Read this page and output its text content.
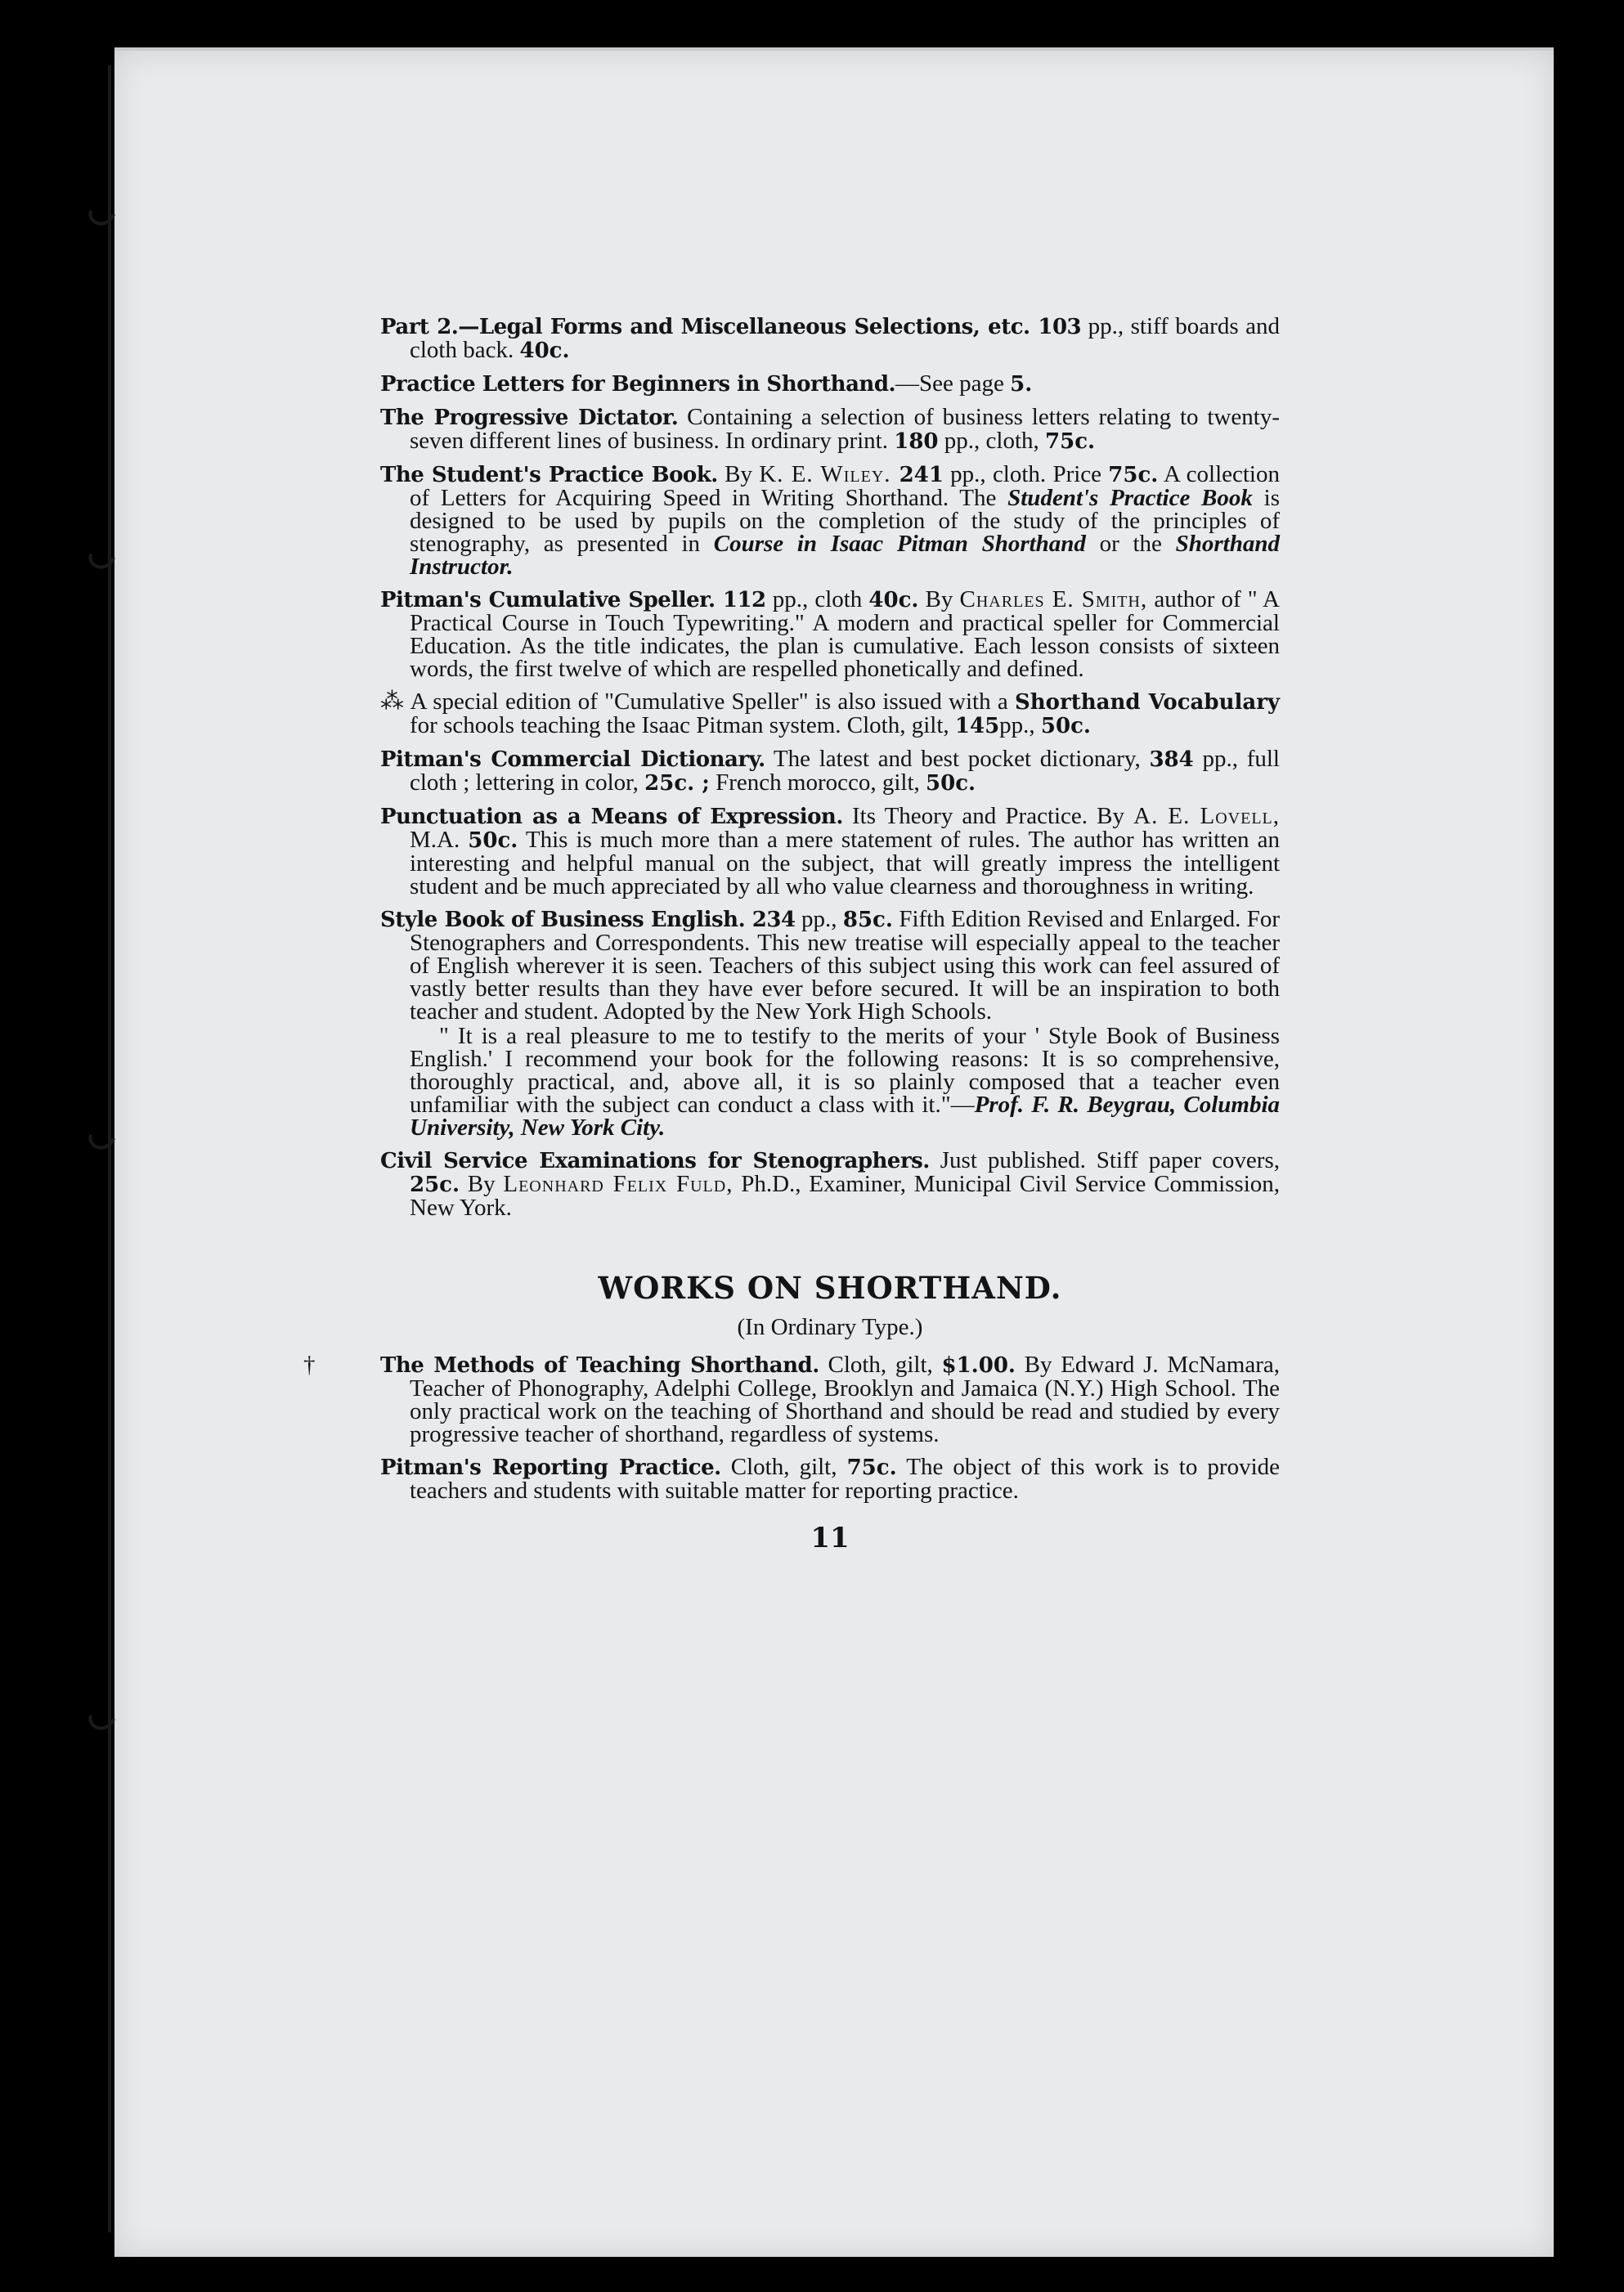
Part 2.—Legal Forms and Miscellaneous Selections, etc. 103 pp., stiff boards and cloth back. 40c.

Practice Letters for Beginners in Shorthand.—See page 5.

The Progressive Dictator. Containing a selection of business letters relating to twenty-seven different lines of business. In ordinary print. 180 pp., cloth, 75c.

The Student's Practice Book. By K. E. Wiley. 241 pp., cloth. Price 75c. A collection of Letters for Acquiring Speed in Writing Shorthand. The Student's Practice Book is designed to be used by pupils on the completion of the study of the principles of stenography, as presented in Course in Isaac Pitman Shorthand or the Shorthand Instructor.

Pitman's Cumulative Speller. 112 pp., cloth 40c. By Charles E. Smith, author of " A Practical Course in Touch Typewriting." A modern and practical speller for Commercial Education. As the title indicates, the plan is cumulative. Each lesson consists of sixteen words, the first twelve of which are respelled phonetically and defined.

⁂ A special edition of "Cumulative Speller" is also issued with a Shorthand Vocabulary for schools teaching the Isaac Pitman system. Cloth, gilt, 145pp., 50c.

Pitman's Commercial Dictionary. The latest and best pocket dictionary, 384 pp., full cloth ; lettering in color, 25c. ; French morocco, gilt, 50c.

Punctuation as a Means of Expression. Its Theory and Practice. By A. E. Lovell, M.A. 50c. This is much more than a mere statement of rules. The author has written an interesting and helpful manual on the subject, that will greatly impress the intelligent student and be much appreciated by all who value clearness and thoroughness in writing.

Style Book of Business English. 234 pp., 85c. Fifth Edition Revised and Enlarged. For Stenographers and Correspondents. This new treatise will especially appeal to the teacher of English wherever it is seen. Teachers of this subject using this work can feel assured of vastly better results than they have ever before secured. It will be an inspiration to both teacher and student. Adopted by the New York High Schools.

" It is a real pleasure to me to testify to the merits of your ' Style Book of Business English.' I recommend your book for the following reasons: It is so comprehensive, thoroughly practical, and, above all, it is so plainly composed that a teacher even unfamiliar with the subject can conduct a class with it."—Prof. F. R. Beygrau, Columbia University, New York City.

Civil Service Examinations for Stenographers. Just published. Stiff paper covers, 25c. By Leonhard Felix Fuld, Ph.D., Examiner, Municipal Civil Service Commission, New York.

WORKS ON SHORTHAND.
(In Ordinary Type.)

The Methods of Teaching Shorthand. Cloth, gilt, $1.00. By Edward J. McNamara, Teacher of Phonography, Adelphi College, Brooklyn and Jamaica (N.Y.) High School. The only practical work on the teaching of Shorthand and should be read and studied by every progressive teacher of shorthand, regardless of systems.

Pitman's Reporting Practice. Cloth, gilt, 75c. The object of this work is to provide teachers and students with suitable matter for reporting practice.

11
